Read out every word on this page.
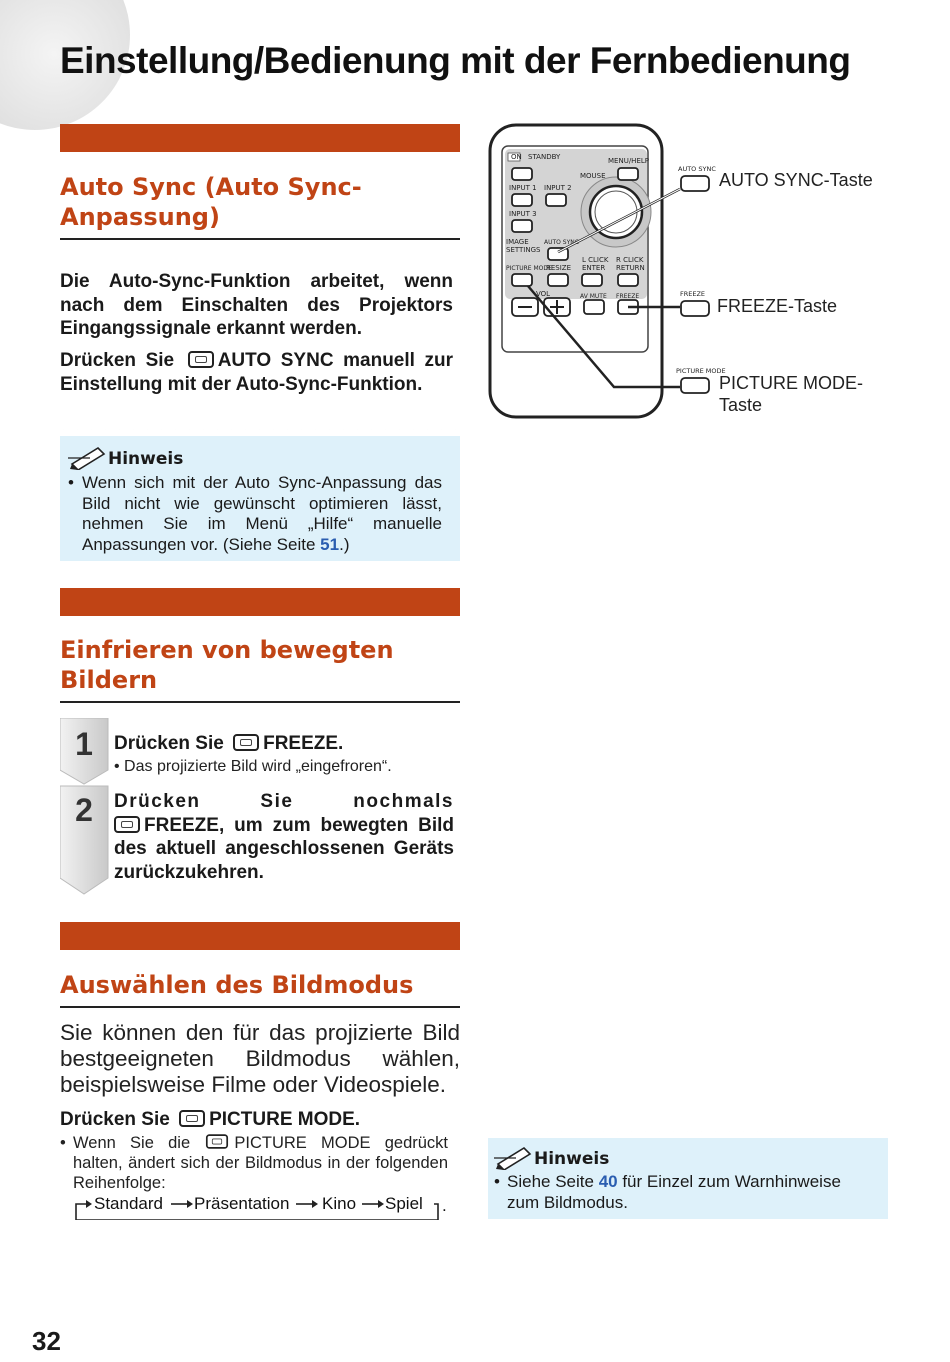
Einstellung/Bedienung mit der Fernbedienung
Auto Sync (Auto Sync-
Anpassung)
Die Auto-Sync-Funktion arbeitet, wenn nach dem Einschalten des Projektors Eingangssignale erkannt werden.
Drücken Sie AUTO SYNC manuell zur Einstellung mit der Auto-Sync-Funktion.
Hinweis
• Wenn sich mit der Auto Sync-Anpassung das Bild nicht wie gewünscht optimieren lässt, nehmen Sie im Menü „Hilfe“ manuelle Anpassungen vor. (Siehe Seite 51.)
ON STANDBY	MENU/HELP
MOUSE
INPUT 1 INPUT 2
INPUT 3
IMAGE
SETTINGS
AUTO SYNC
PICTURE MODE
RESIZE
L CLICK
ENTER
R CLICK
RETURN
VOL	AV MUTE FREEZE
AUTO SYNC
FREEZE
PICTURE MODE
AUTO SYNC-Taste
FREEZE-Taste
PICTURE MODE-
Taste
Einfrieren von bewegten
Bildern
1
2
Drücken Sie FREEZE.
• Das projizierte Bild wird „eingefroren“.
Drücken Sie nochmals
FREEZE, um zum bewegten Bild des aktuell angeschlossenen Geräts zurückzukehren.
Auswählen des Bildmodus
Sie können den für das projizierte Bild bestgeeigneten Bildmodus wählen, beispielsweise Filme oder Videospiele.
Drücken Sie PICTURE MODE.
• Wenn Sie die	PICTURE MODE gedrückt halten, ändert sich der Bildmodus in der folgenden Reihenfolge:
Standard Präsentation Kino Spiel .
Hinweis
• Siehe Seite 40 für Einzel zum Warnhinweise zum Bildmodus.
32
